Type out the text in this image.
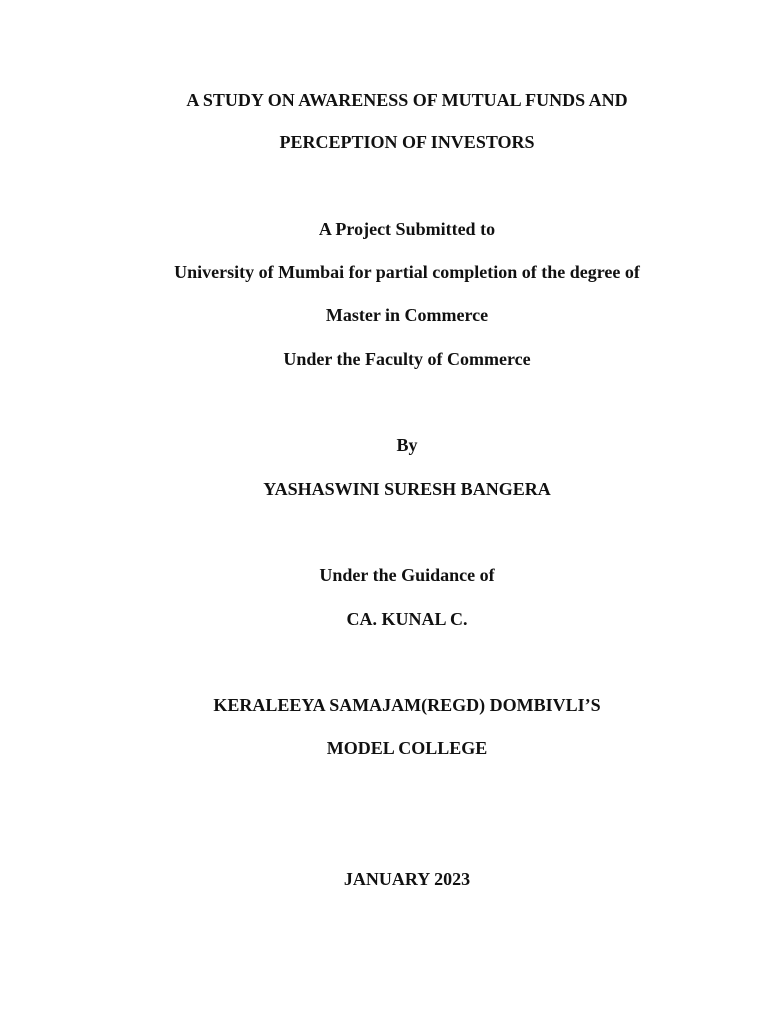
A STUDY ON AWARENESS OF MUTUAL FUNDS AND
PERCEPTION OF INVESTORS
A Project Submitted to
University of Mumbai for partial completion of the degree of
Master in Commerce
Under the Faculty of Commerce
By
YASHASWINI SURESH BANGERA
Under the Guidance of
CA. KUNAL C.
KERALEEYA SAMAJAM(REGD) DOMBIVLI’S
MODEL COLLEGE
JANUARY 2023
